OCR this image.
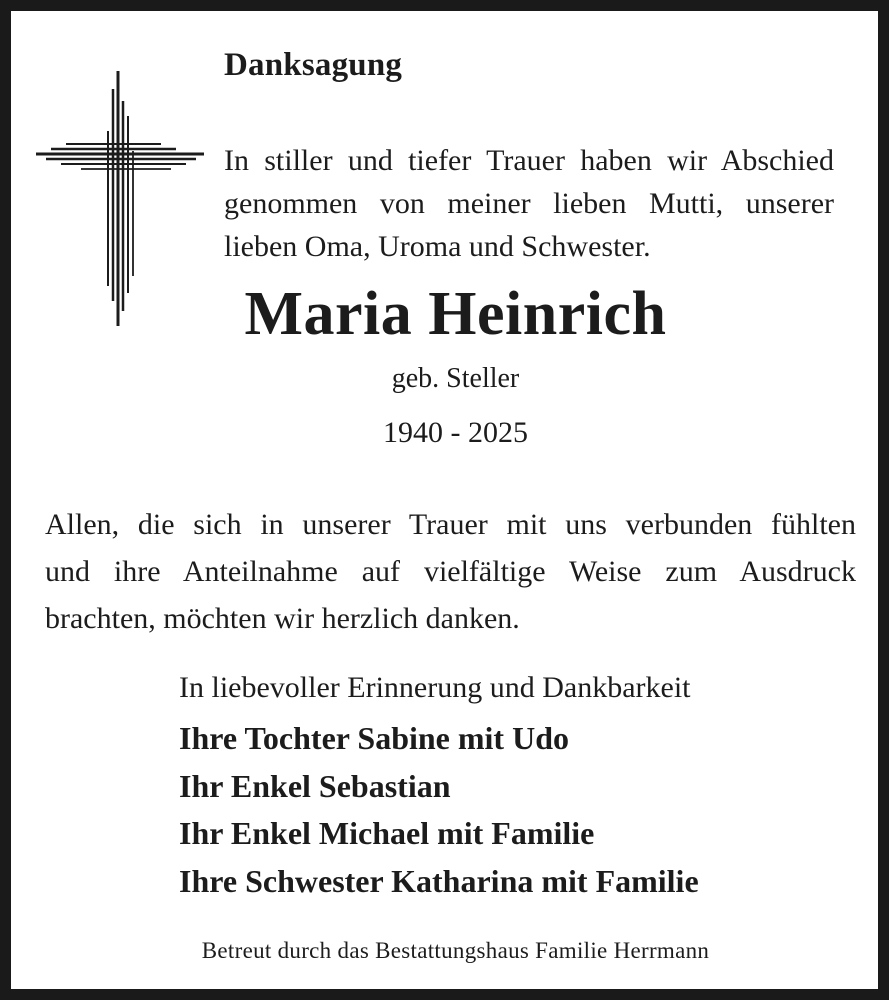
Danksagung
In stiller und tiefer Trauer haben wir Abschied
genommen von meiner lieben Mutti, unserer
lieben Oma, Uroma und Schwester.
Maria Heinrich
geb. Steller
1940 - 2025
Allen, die sich in unserer Trauer mit uns verbunden fühlten
und ihre Anteilnahme auf vielfältige Weise zum Ausdruck
brachten, möchten wir herzlich danken.
In liebevoller Erinnerung und Dankbarkeit
Ihre Tochter Sabine mit Udo
Ihr Enkel Sebastian
Ihr Enkel Michael mit Familie
Ihre Schwester Katharina mit Familie
Betreut durch das Bestattungshaus Familie Herrmann
